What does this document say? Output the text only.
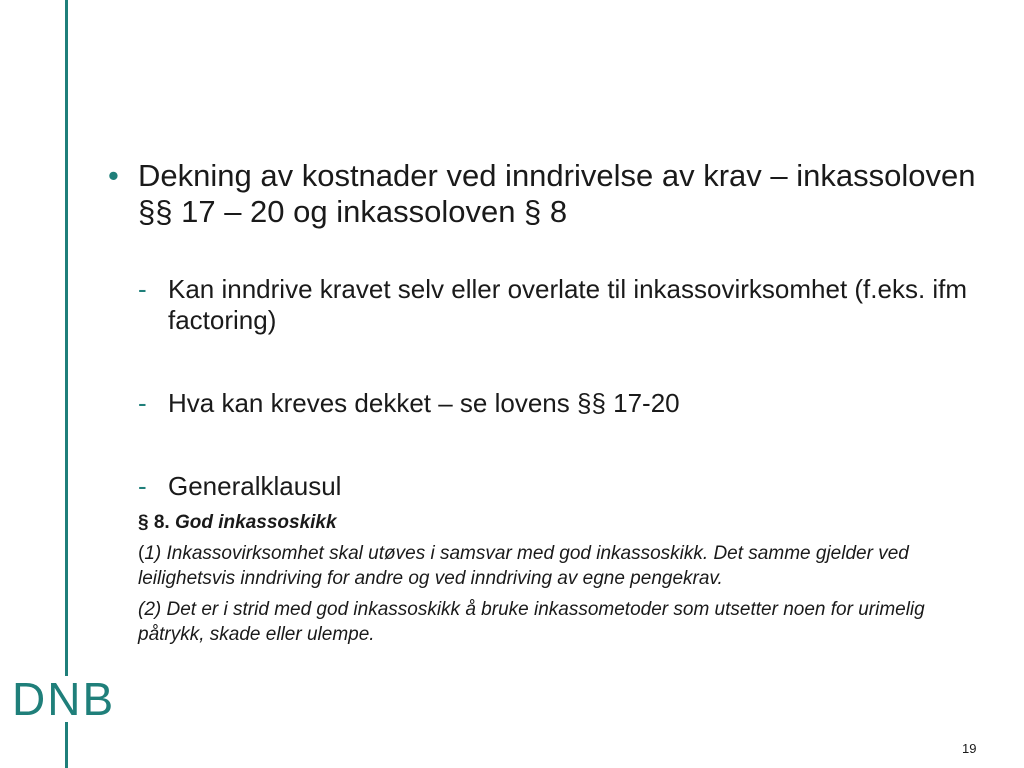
DNB
• Dekning av kostnader ved inndrivelse av krav – inkassoloven §§ 17 – 20 og inkassoloven § 8
- Kan inndrive kravet selv eller overlate til inkassovirksomhet (f.eks. ifm factoring)
- Hva kan kreves dekket – se lovens §§ 17-20
- Generalklausul
§ 8. God inkassoskikk
(1) Inkassovirksomhet skal utøves i samsvar med god inkassoskikk. Det samme gjelder ved leilighetsvis inndriving for andre og ved inndriving av egne pengekrav.
(2) Det er i strid med god inkassoskikk å bruke inkassometoder som utsetter noen for urimelig påtrykk, skade eller ulempe.
19
